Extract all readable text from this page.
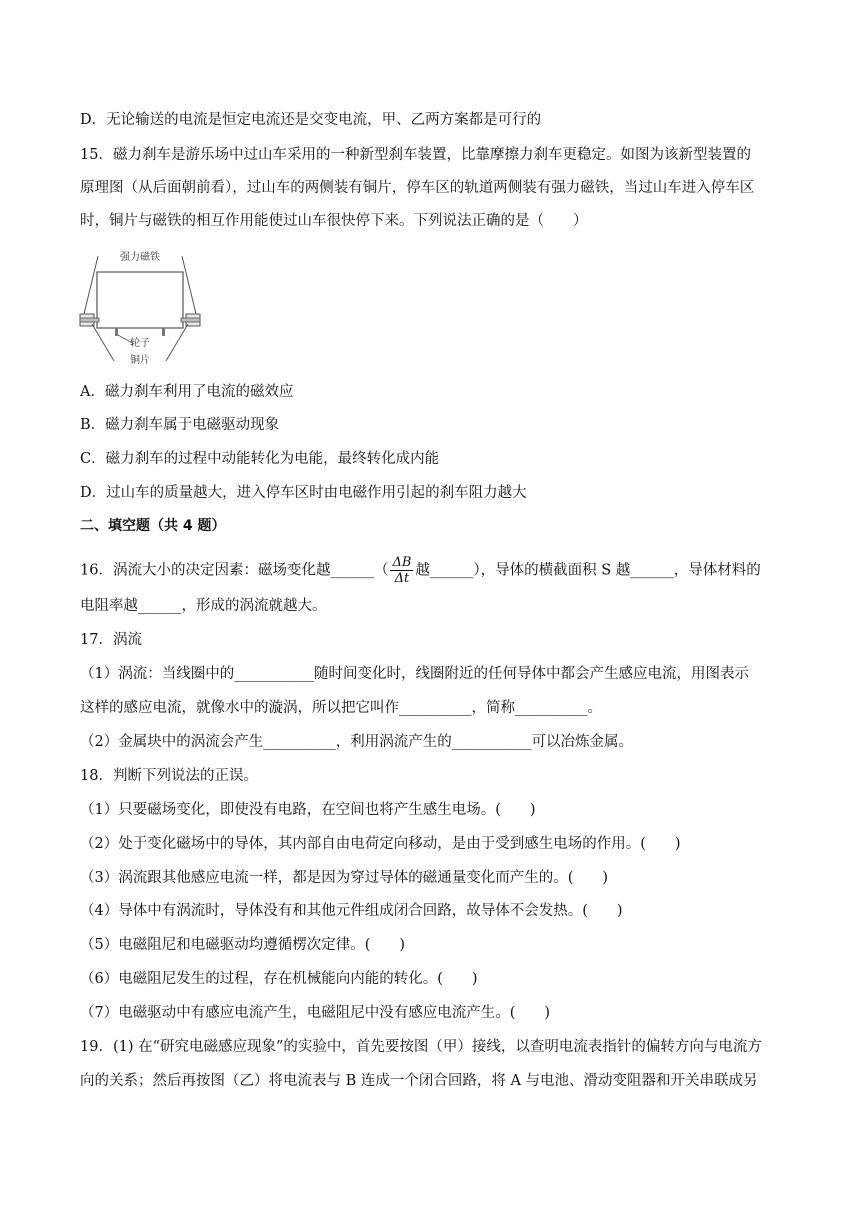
D．无论输送的电流是恒定电流还是交变电流，甲、乙两方案都是可行的
15．磁力刹车是游乐场中过山车采用的一种新型刹车装置，比靠摩擦力刹车更稳定。如图为该新型装置的
原理图（从后面朝前看），过山车的两侧装有铜片，停车区的轨道两侧装有强力磁铁，当过山车进入停车区
时，铜片与磁铁的相互作用能使过山车很快停下来。下列说法正确的是（　　）
强力磁铁
轮子
铜片
A．磁力刹车利用了电流的磁效应
B．磁力刹车属于电磁驱动现象
C．磁力刹车的过程中动能转化为电能，最终转化成内能
D．过山车的质量越大，进入停车区时由电磁作用引起的刹车阻力越大
二、填空题（共 4 题）
16．涡流大小的决定因素：磁场变化越______（ $\frac{\Delta B}{\Delta t}$ 越______），导体的横截面积 S 越______，导体材料的
电阻率越______，形成的涡流就越大。
17．涡流
（1）涡流：当线圈中的___________随时间变化时，线圈附近的任何导体中都会产生感应电流，用图表示
这样的感应电流，就像水中的漩涡，所以把它叫作__________，简称__________。
（2）金属块中的涡流会产生__________，利用涡流产生的___________可以冶炼金属。
18．判断下列说法的正误。
（1）只要磁场变化，即使没有电路，在空间也将产生感生电场。(　　)
（2）处于变化磁场中的导体，其内部自由电荷定向移动，是由于受到感生电场的作用。(　　)
（3）涡流跟其他感应电流一样，都是因为穿过导体的磁通量变化而产生的。(　　)
（4）导体中有涡流时，导体没有和其他元件组成闭合回路，故导体不会发热。(　　)
（5）电磁阻尼和电磁驱动均遵循楞次定律。(　　)
（6）电磁阻尼发生的过程，存在机械能向内能的转化。(　　)
（7）电磁驱动中有感应电流产生，电磁阻尼中没有感应电流产生。(　　)
19．(1) 在“研究电磁感应现象”的实验中，首先要按图（甲）接线，以查明电流表指针的偏转方向与电流方
向的关系；然后再按图（乙）将电流表与 B 连成一个闭合回路，将 A 与电池、滑动变阻器和开关串联成另
